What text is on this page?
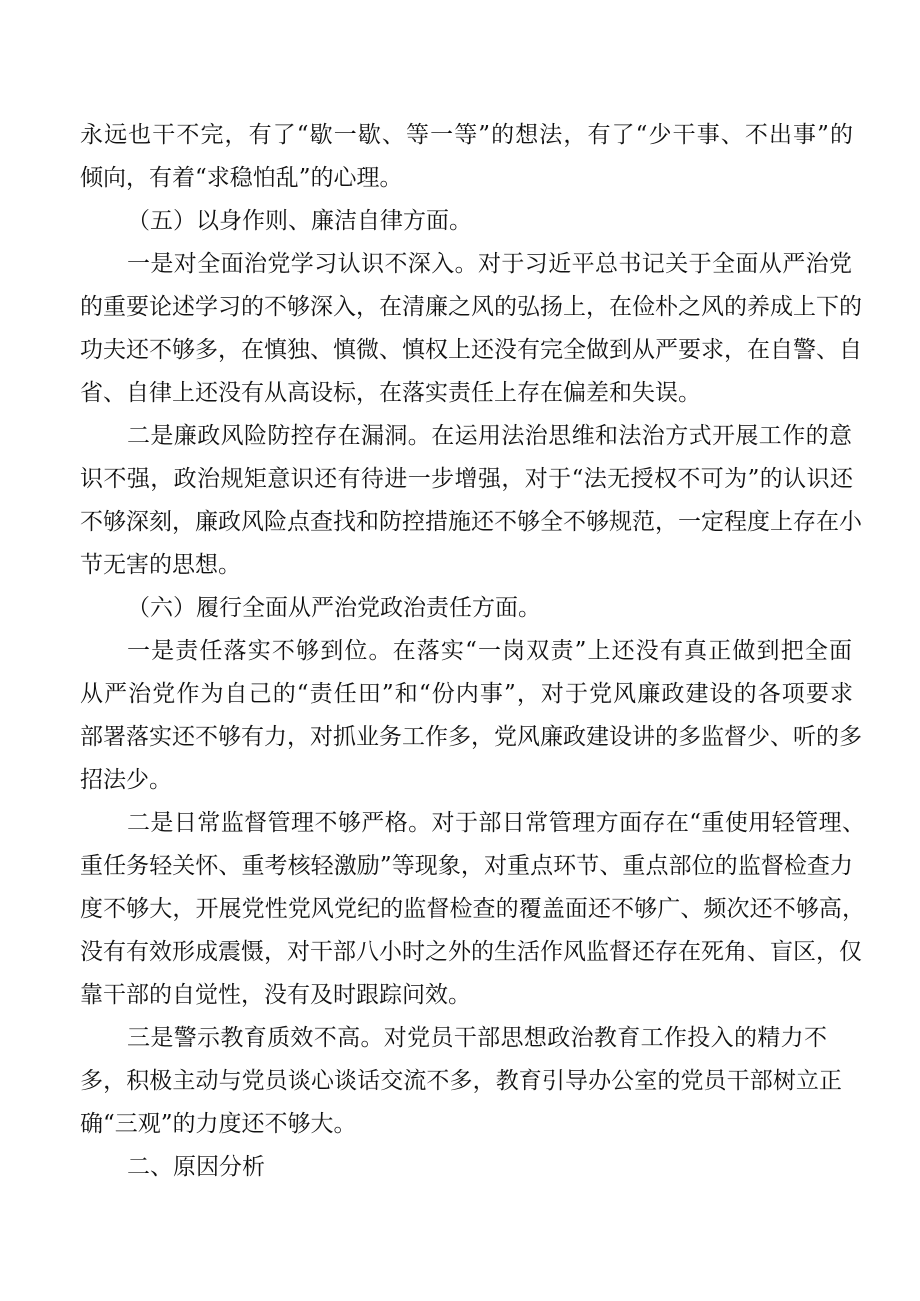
永远也干不完，有了“歇一歇、等一等”的想法，有了“少干事、不出事”的
倾向，有着“求稳怕乱”的心理。
（五）以身作则、廉洁自律方面。
一是对全面治党学习认识不深入。对于习近平总书记关于全面从严治党
的重要论述学习的不够深入，在清廉之风的弘扬上，在俭朴之风的养成上下的
功夫还不够多，在慎独、慎微、慎权上还没有完全做到从严要求，在自警、自
省、自律上还没有从高设标，在落实责任上存在偏差和失误。
二是廉政风险防控存在漏洞。在运用法治思维和法治方式开展工作的意
识不强，政治规矩意识还有待进一步增强，对于“法无授权不可为”的认识还
不够深刻，廉政风险点查找和防控措施还不够全不够规范，一定程度上存在小
节无害的思想。
（六）履行全面从严治党政治责任方面。
一是责任落实不够到位。在落实“一岗双责”上还没有真正做到把全面
从严治党作为自己的“责任田”和“份内事”，对于党风廉政建设的各项要求
部署落实还不够有力，对抓业务工作多，党风廉政建设讲的多监督少、听的多
招法少。
二是日常监督管理不够严格。对于部日常管理方面存在“重使用轻管理、
重任务轻关怀、重考核轻激励”等现象，对重点环节、重点部位的监督检查力
度不够大，开展党性党风党纪的监督检查的覆盖面还不够广、频次还不够高，
没有有效形成震慑，对干部八小时之外的生活作风监督还存在死角、盲区，仅
靠干部的自觉性，没有及时跟踪问效。
三是警示教育质效不高。对党员干部思想政治教育工作投入的精力不
多，积极主动与党员谈心谈话交流不多，教育引导办公室的党员干部树立正
确“三观”的力度还不够大。
二、原因分析
